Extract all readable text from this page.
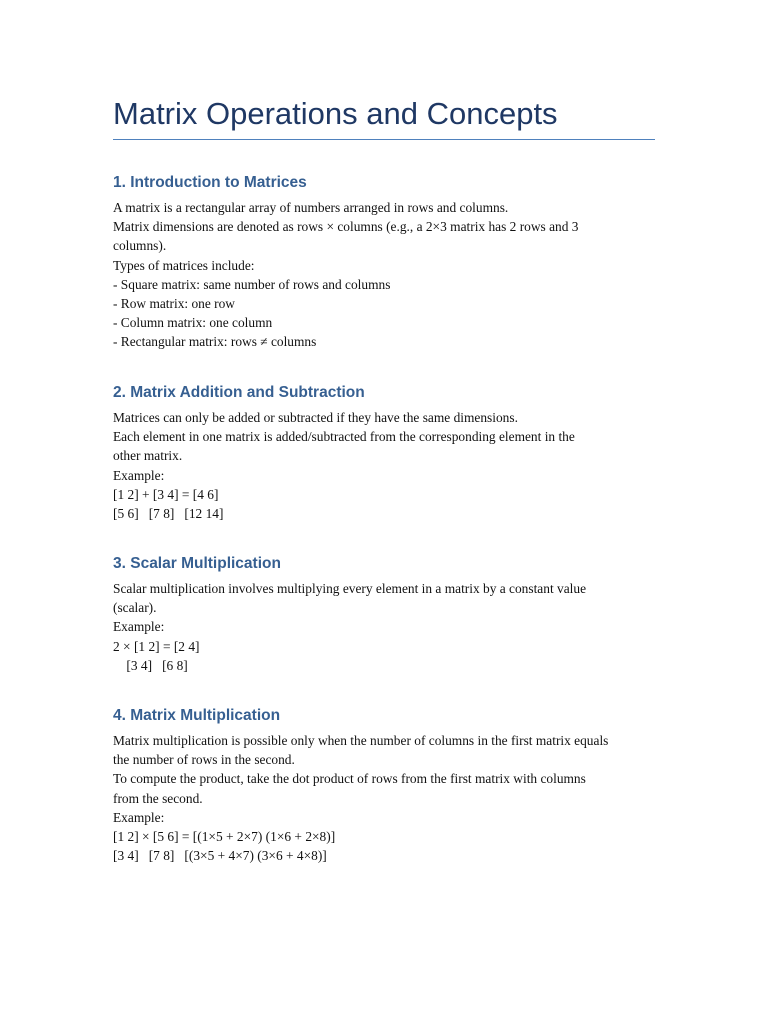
Matrix Operations and Concepts
1. Introduction to Matrices
A matrix is a rectangular array of numbers arranged in rows and columns.
Matrix dimensions are denoted as rows × columns (e.g., a 2×3 matrix has 2 rows and 3
columns).
Types of matrices include:
- Square matrix: same number of rows and columns
- Row matrix: one row
- Column matrix: one column
- Rectangular matrix: rows ≠ columns
2. Matrix Addition and Subtraction
Matrices can only be added or subtracted if they have the same dimensions.
Each element in one matrix is added/subtracted from the corresponding element in the
other matrix.
Example:
[1 2] + [3 4] = [4 6]
[5 6]   [7 8]   [12 14]
3. Scalar Multiplication
Scalar multiplication involves multiplying every element in a matrix by a constant value
(scalar).
Example:
2 × [1 2] = [2 4]
[3 4]   [6 8]
4. Matrix Multiplication
Matrix multiplication is possible only when the number of columns in the first matrix equals
the number of rows in the second.
To compute the product, take the dot product of rows from the first matrix with columns
from the second.
Example:
[1 2] × [5 6] = [(1×5 + 2×7) (1×6 + 2×8)]
[3 4]   [7 8]   [(3×5 + 4×7) (3×6 + 4×8)]
